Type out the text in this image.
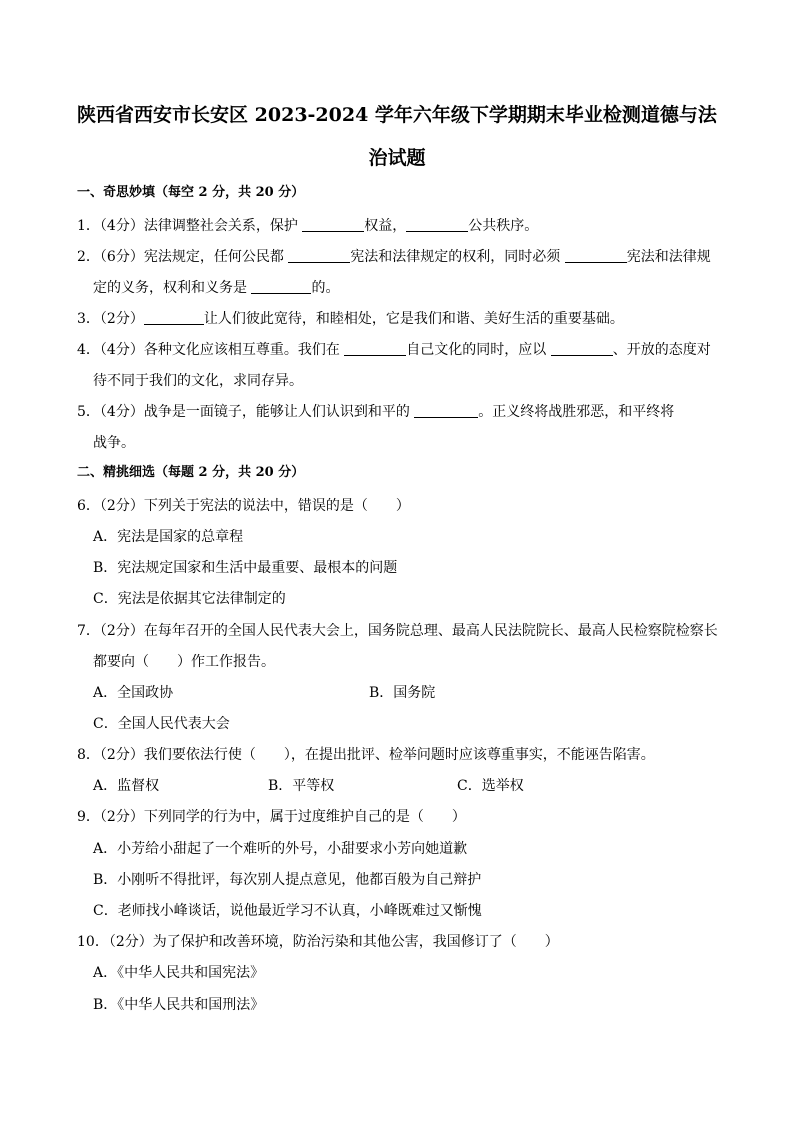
陕西省西安市长安区 2023-2024 学年六年级下学期期末毕业检测道德与法
治试题
一、奇思妙填（每空 2 分，共 20 分）
1．（4分）法律调整社会关系，保护	权益，	公共秩序。
2．（6分）宪法规定，任何公民都	宪法和法律规定的权利，同时必须	宪法和法律规
定的义务，权利和义务是	的。
3．（2分）	让人们彼此宽待，和睦相处，它是我们和谐、美好生活的重要基础。
4．（4分）各种文化应该相互尊重。我们在	自己文化的同时，应以	、开放的态度对
待不同于我们的文化，求同存异。
5．（4分）战争是一面镜子，能够让人们认识到和平的	。正义终将战胜邪恶，和平终将
战争。
二、精挑细选（每题 2 分，共 20 分）
6．（2分）下列关于宪法的说法中，错误的是（　　）
A．宪法是国家的总章程
B．宪法规定国家和生活中最重要、最根本的问题
C．宪法是依据其它法律制定的
7．（2分）在每年召开的全国人民代表大会上，国务院总理、最高人民法院院长、最高人民检察院检察长
都要向（　　）作工作报告。
A．全国政协	B．国务院
C．全国人民代表大会
8．（2分）我们要依法行使（　　），在提出批评、检举问题时应该尊重事实，不能诬告陷害。
A．监督权	B．平等权	C．选举权
9．（2分）下列同学的行为中，属于过度维护自己的是（　　）
A．小芳给小甜起了一个难听的外号，小甜要求小芳向她道歉
B．小刚听不得批评，每次别人提点意见，他都百般为自己辩护
C．老师找小峰谈话，说他最近学习不认真，小峰既难过又惭愧
10．（2分）为了保护和改善环境，防治污染和其他公害，我国修订了（　　）
A．《中华人民共和国宪法》
B．《中华人民共和国刑法》
